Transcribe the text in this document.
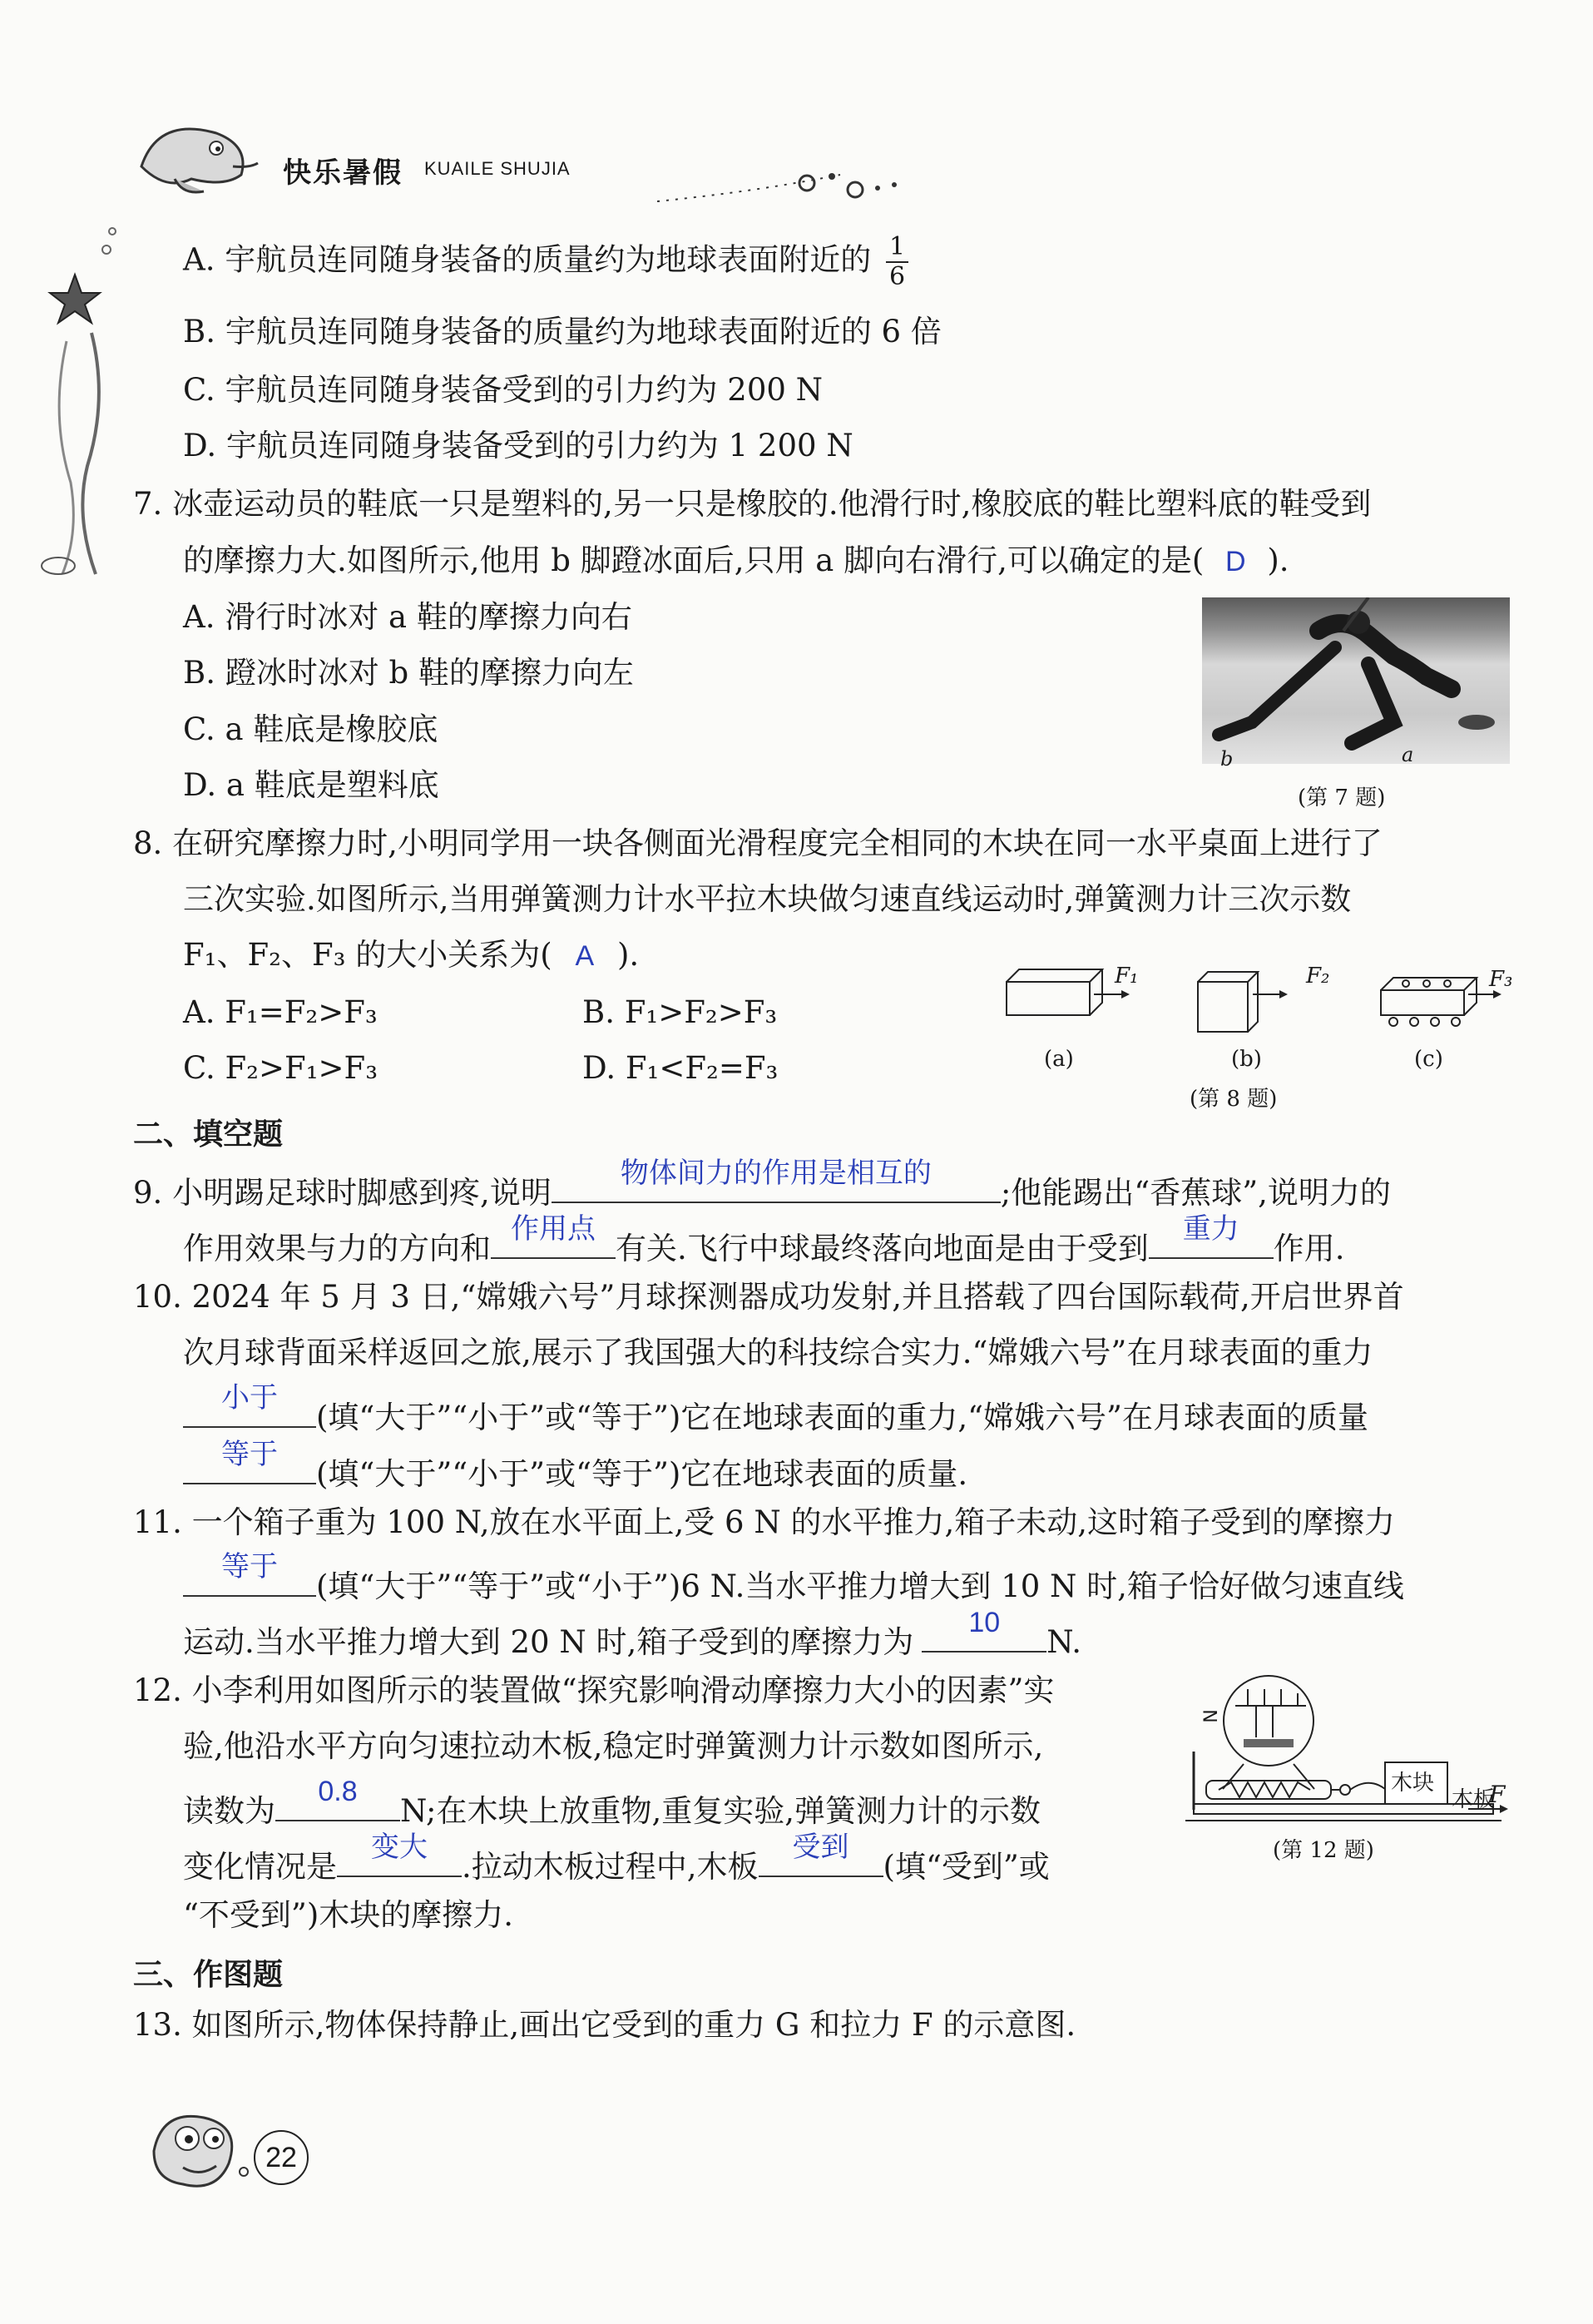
快乐暑假 KUAILE SHUJIA
A. 宇航员连同随身装备的质量约为地球表面附近的 $\frac{1}{6}$
B. 宇航员连同随身装备的质量约为地球表面附近的 6 倍
C. 宇航员连同随身装备受到的引力约为 200 N
D. 宇航员连同随身装备受到的引力约为 1 200 N
7. 冰壶运动员的鞋底一只是塑料的,另一只是橡胶的.他滑行时,橡胶底的鞋比塑料底的鞋受到
的摩擦力大.如图所示,他用 b 脚蹬冰面后,只用 a 脚向右滑行,可以确定的是( D ).
A. 滑行时冰对 a 鞋的摩擦力向右
B. 蹬冰时冰对 b 鞋的摩擦力向左
C. a 鞋底是橡胶底
D. a 鞋底是塑料底
b	a
(第 7 题)
8. 在研究摩擦力时,小明同学用一块各侧面光滑程度完全相同的木块在同一水平桌面上进行了
三次实验.如图所示,当用弹簧测力计水平拉木块做匀速直线运动时,弹簧测力计三次示数
F₁、F₂、F₃ 的大小关系为( A ).
A. F₁=F₂>F₃	B. F₁>F₂>F₃
C. F₂>F₁>F₃	D. F₁<F₂=F₃
F₁	F₂	F₃
(a)	(b)	(c)
(第 8 题)
二、填空题
9. 小明踢足球时脚感到疼,说明
物体间力的作用是相互的
;他能踢出“香蕉球”,说明力的
作用效果与力的方向和
作用点
有关.飞行中球最终落向地面是由于受到
重力
作用.
10. 2024 年 5 月 3 日,“嫦娥六号”月球探测器成功发射,并且搭载了四台国际载荷,开启世界首
次月球背面采样返回之旅,展示了我国强大的科技综合实力.“嫦娥六号”在月球表面的重力
小于
(填“大于”“小于”或“等于”)它在地球表面的重力,“嫦娥六号”在月球表面的质量
等于
(填“大于”“小于”或“等于”)它在地球表面的质量.
11. 一个箱子重为 100 N,放在水平面上,受 6 N 的水平推力,箱子未动,这时箱子受到的摩擦力
等于
(填“大于”“等于”或“小于”)6 N.当水平推力增大到 10 N 时,箱子恰好做匀速直线
运动.当水平推力增大到 20 N 时,箱子受到的摩擦力为
10
N.
12. 小李利用如图所示的装置做“探究影响滑动摩擦力大小的因素”实
验,他沿水平方向匀速拉动木板,稳定时弹簧测力计示数如图所示,
读数为
0.8
N;在木块上放重物,重复实验,弹簧测力计的示数
变化情况是
变大
.拉动木板过程中,木板
受到
(填“受到”或
“不受到”)木块的摩擦力.
N
木块
木板
F
(第 12 题)
三、作图题
13. 如图所示,物体保持静止,画出它受到的重力 G 和拉力 F 的示意图.
22
